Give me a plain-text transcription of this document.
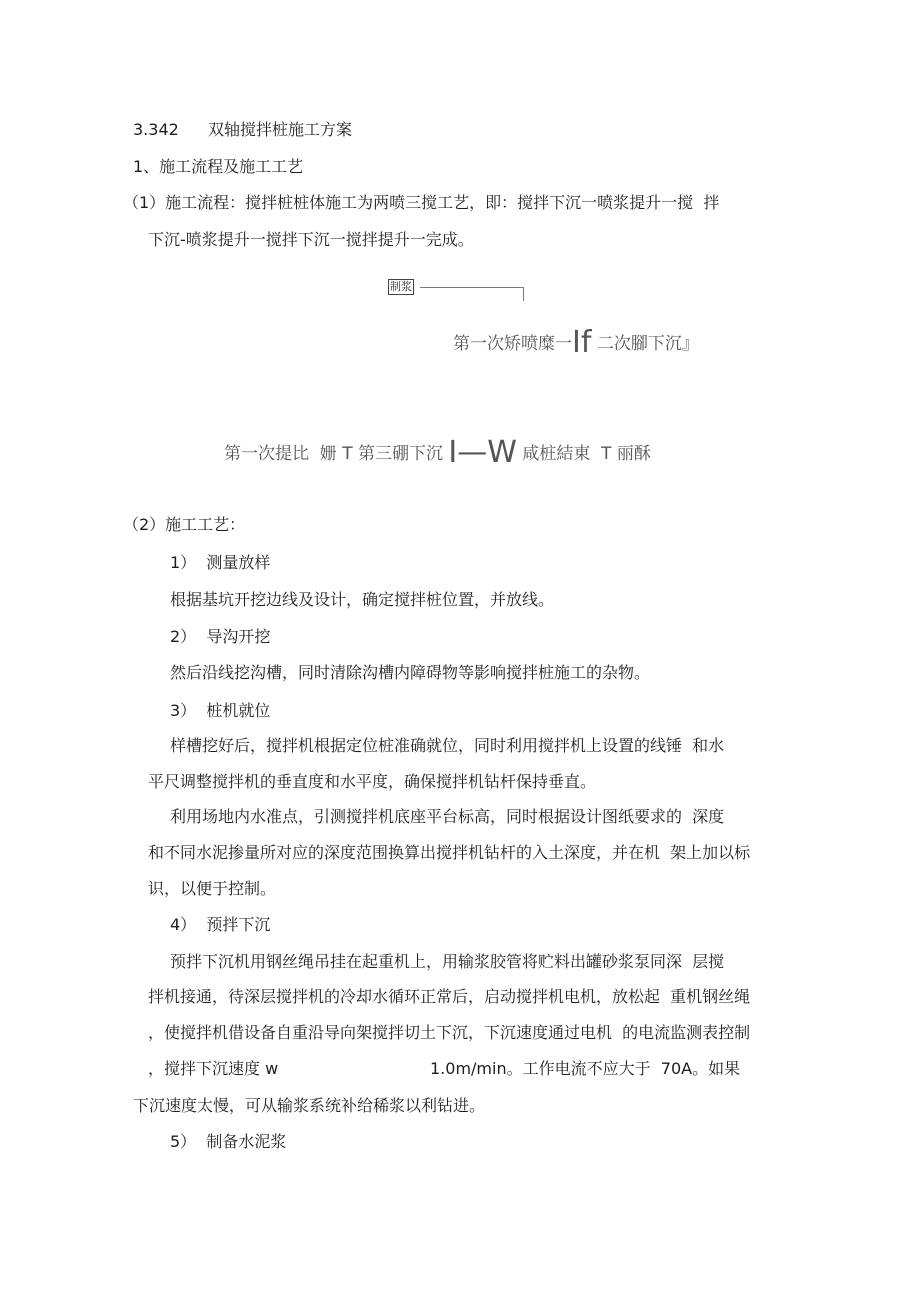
3.342 双轴搅拌桩施工方案
1、施工流程及施工工艺
（1）施工流程：搅拌桩桩体施工为两喷三搅工艺，即：搅拌下沉一喷浆提升一搅  拌
下沉-喷浆提升一搅拌下沉一搅拌提升一完成。
制浆
第一次矫喷糜一If 二次腳下沉』
第一次提比  姗 T 第三硼下沉 I—W 咸桩結東  T 丽酥
（2）施工工艺：
1）  测量放样
根据基坑开挖边线及设计，确定搅拌桩位置，并放线。
2）  导沟开挖
然后沿线挖沟槽，同时清除沟槽内障碍物等影响搅拌桩施工的杂物。
3）  桩机就位
样槽挖好后，搅拌机根据定位桩准确就位，同时利用搅拌机上设置的线锤  和水
平尺调整搅拌机的垂直度和水平度，确保搅拌机钻杆保持垂直。
利用场地内水准点，引测搅拌机底座平台标高，同时根据设计图纸要求的  深度
和不同水泥掺量所对应的深度范围换算出搅拌机钻杆的入土深度，并在机  架上加以标
识，以便于控制。
4）  预拌下沉
预拌下沉机用钢丝绳吊挂在起重机上，用输浆胶管将贮料出罐砂浆泵同深  层搅
拌机接通，待深层搅拌机的冷却水循环正常后，启动搅拌机电机，放松起  重机钢丝绳
，使搅拌机借设备自重沿导向架搅拌切土下沉，下沉速度通过电机  的电流监测表控制
，搅拌下沉速度 w	1.0m/min。工作电流不应大于  70A。如果
下沉速度太慢，可从输浆系统补给稀浆以利钻进。
5）  制备水泥浆
